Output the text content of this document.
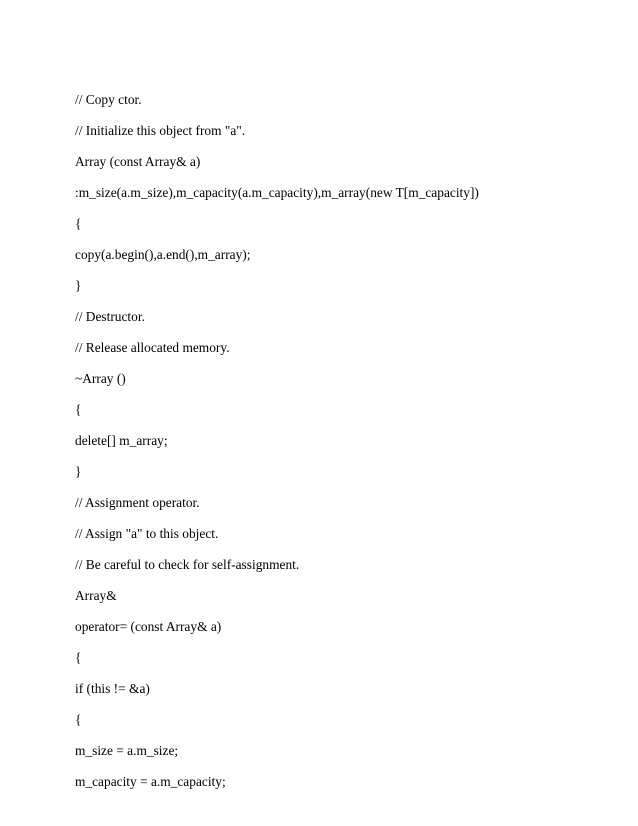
// Copy ctor.
// Initialize this object from "a".
Array (const Array& a)
:m_size(a.m_size),m_capacity(a.m_capacity),m_array(new T[m_capacity])
{
copy(a.begin(),a.end(),m_array);
}
// Destructor.
// Release allocated memory.
~Array ()
{
delete[] m_array;
}
// Assignment operator.
// Assign "a" to this object.
// Be careful to check for self-assignment.
Array&
operator= (const Array& a)
{
if (this != &a)
{
m_size = a.m_size;
m_capacity = a.m_capacity;
